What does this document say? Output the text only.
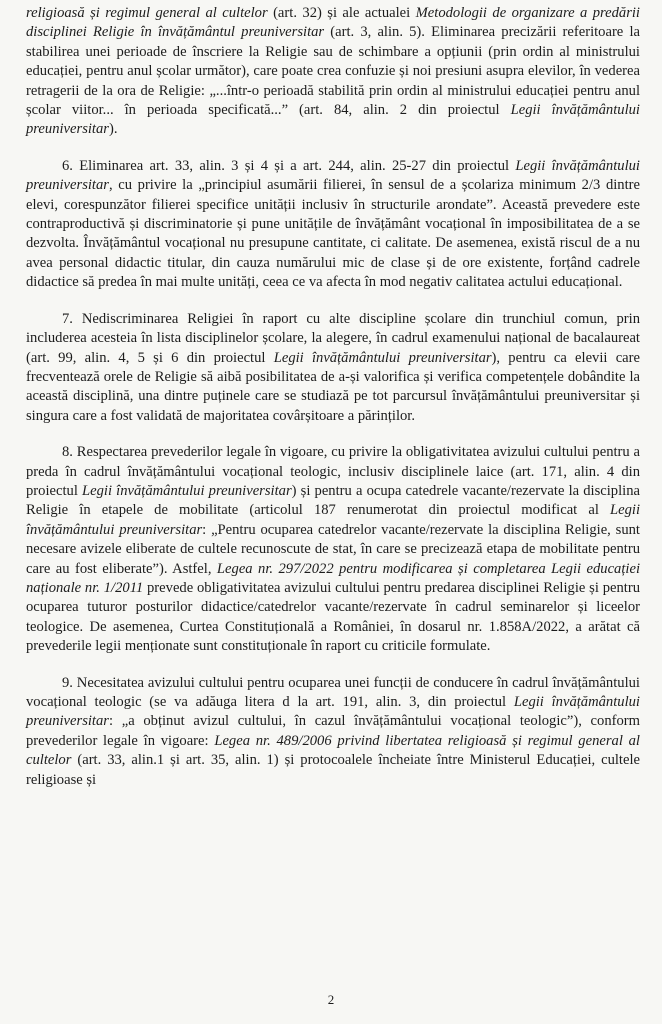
religioasă și regimul general al cultelor (art. 32) și ale actualei Metodologii de organizare a predării disciplinei Religie în învățământul preuniversitar (art. 3, alin. 5). Eliminarea precizării referitoare la stabilirea unei perioade de înscriere la Religie sau de schimbare a opțiunii (prin ordin al ministrului educației, pentru anul școlar următor), care poate crea confuzie și noi presiuni asupra elevilor, în vederea retragerii de la ora de Religie: „...într-o perioadă stabilită prin ordin al ministrului educației pentru anul școlar viitor... în perioada specificată...” (art. 84, alin. 2 din proiectul Legii învățământului preuniversitar).

6. Eliminarea art. 33, alin. 3 și 4 și a art. 244, alin. 25-27 din proiectul Legii învățământului preuniversitar, cu privire la „principiul asumării filierei, în sensul de a școlariza minimum 2/3 dintre elevi, corespunzător filierei specifice unității inclusiv în structurile arondate”. Această prevedere este contraproductivă și discriminatorie și pune unitățile de învățământ vocațional în imposibilitatea de a se dezvolta. Învățământul vocațional nu presupune cantitate, ci calitate. De asemenea, există riscul de a nu avea personal didactic titular, din cauza numărului mic de clase și de ore existente, forțând cadrele didactice să predea în mai multe unități, ceea ce va afecta în mod negativ calitatea actului educațional.

7. Nediscriminarea Religiei în raport cu alte discipline școlare din trunchiul comun, prin includerea acesteia în lista disciplinelor școlare, la alegere, în cadrul examenului național de bacalaureat (art. 99, alin. 4, 5 și 6 din proiectul Legii învățământului preuniversitar), pentru ca elevii care frecventează orele de Religie să aibă posibilitatea de a-și valorifica și verifica competențele dobândite la această disciplină, una dintre puținele care se studiază pe tot parcursul învățământului preuniversitar și singura care a fost validată de majoritatea covârșitoare a părinților.

8. Respectarea prevederilor legale în vigoare, cu privire la obligativitatea avizului cultului pentru a preda în cadrul învățământului vocațional teologic, inclusiv disciplinele laice (art. 171, alin. 4 din proiectul Legii învățământului preuniversitar) și pentru a ocupa catedrele vacante/rezervate la disciplina Religie în etapele de mobilitate (articolul 187 renumerotat din proiectul modificat al Legii învățământului preuniversitar: „Pentru ocuparea catedrelor vacante/rezervate la disciplina Religie, sunt necesare avizele eliberate de cultele recunoscute de stat, în care se precizează etapa de mobilitate pentru care au fost eliberate”). Astfel, Legea nr. 297/2022 pentru modificarea și completarea Legii educației naționale nr. 1/2011 prevede obligativitatea avizului cultului pentru predarea disciplinei Religie și pentru ocuparea tuturor posturilor didactice/catedrelor vacante/rezervate în cadrul seminarelor și liceelor teologice. De asemenea, Curtea Constituțională a României, în dosarul nr. 1.858A/2022, a arătat că prevederile legii menționate sunt constituționale în raport cu criticile formulate.

9. Necesitatea avizului cultului pentru ocuparea unei funcții de conducere în cadrul învățământului vocațional teologic (se va adăuga litera d la art. 191, alin. 3, din proiectul Legii învățământului preuniversitar: „a obținut avizul cultului, în cazul învățământului vocațional teologic”), conform prevederilor legale în vigoare: Legea nr. 489/2006 privind libertatea religioasă și regimul general al cultelor (art. 33, alin.1 și art. 35, alin. 1) și protocoalele încheiate între Ministerul Educației, cultele religioase și

2
